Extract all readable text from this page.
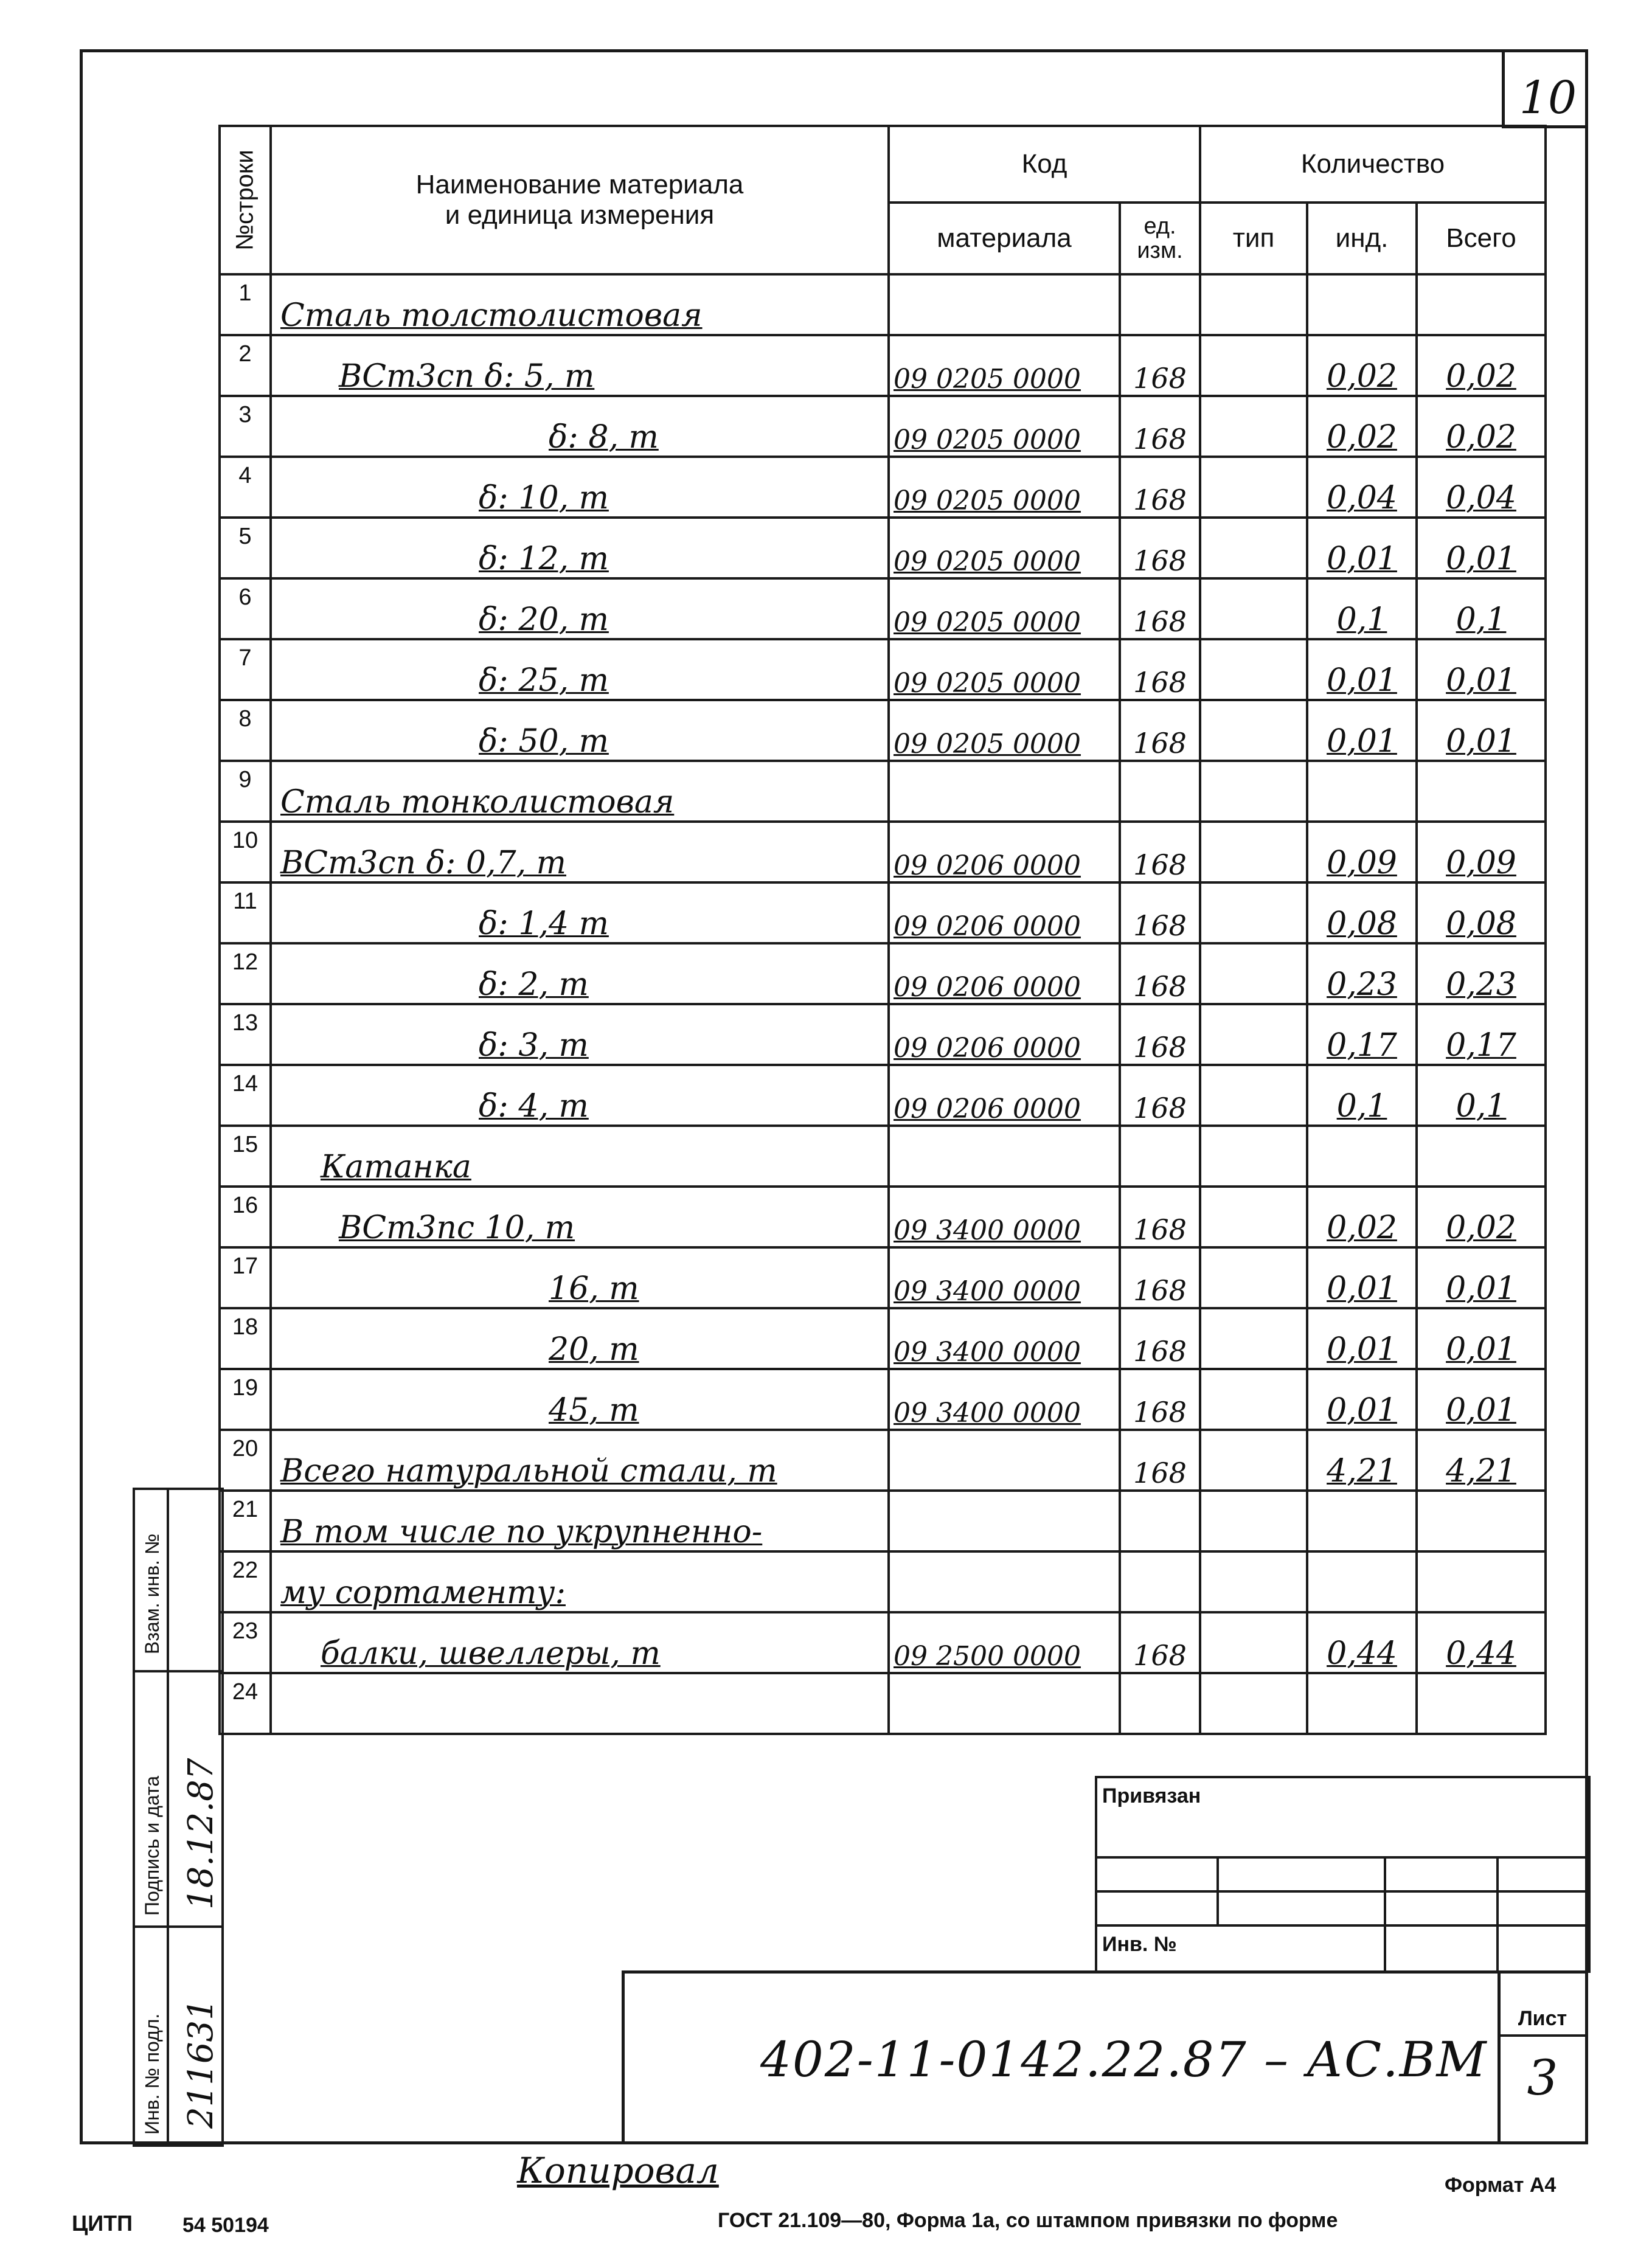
10
№строки	Наименование материала
и единица измерения	Код		Количество		
		материала	ед. изм.	тип	инд.	Всего
1	Сталь толстолистовая					
2	ВСт3сп δ: 5, т	09 0205 0000	168		0,02	0,02
3	δ: 8, т	09 0205 0000	168		0,02	0,02
4	δ: 10, т	09 0205 0000	168		0,04	0,04
5	δ: 12, т	09 0205 0000	168		0,01	0,01
6	δ: 20, т	09 0205 0000	168		0,1	0,1
7	δ: 25, т	09 0205 0000	168		0,01	0,01
8	δ: 50, т	09 0205 0000	168		0,01	0,01
9	Сталь тонколистовая					
10	ВСт3сп δ: 0,7, т	09 0206 0000	168		0,09	0,09
11	δ: 1,4 т	09 0206 0000	168		0,08	0,08
12	δ: 2, т	09 0206 0000	168		0,23	0,23
13	δ: 3, т	09 0206 0000	168		0,17	0,17
14	δ: 4, т	09 0206 0000	168		0,1	0,1
15	Катанка					
16	ВСт3пс 10, т	09 3400 0000	168		0,02	0,02
17	16, т	09 3400 0000	168		0,01	0,01
18	20, т	09 3400 0000	168		0,01	0,01
19	45, т	09 3400 0000	168		0,01	0,01
20	Всего натуральной стали, т		168		4,21	4,21
21	В том числе по укрупненно-					
22	му сортаменту:					
23	балки, швеллеры, т	09 2500 0000	168		0,44	0,44
24						
Взам. инв. №	

Подпись и дата	18.12.87

Инв. № подл.	211631
Привязан			

Инв. №			
402-11-0142.22.87 – АС.ВМ
Лист
3
Копировал	Формат А4
ЦИТП 54 50194	ГОСТ 21.109—80, Форма 1а, со штампом привязки по форме
